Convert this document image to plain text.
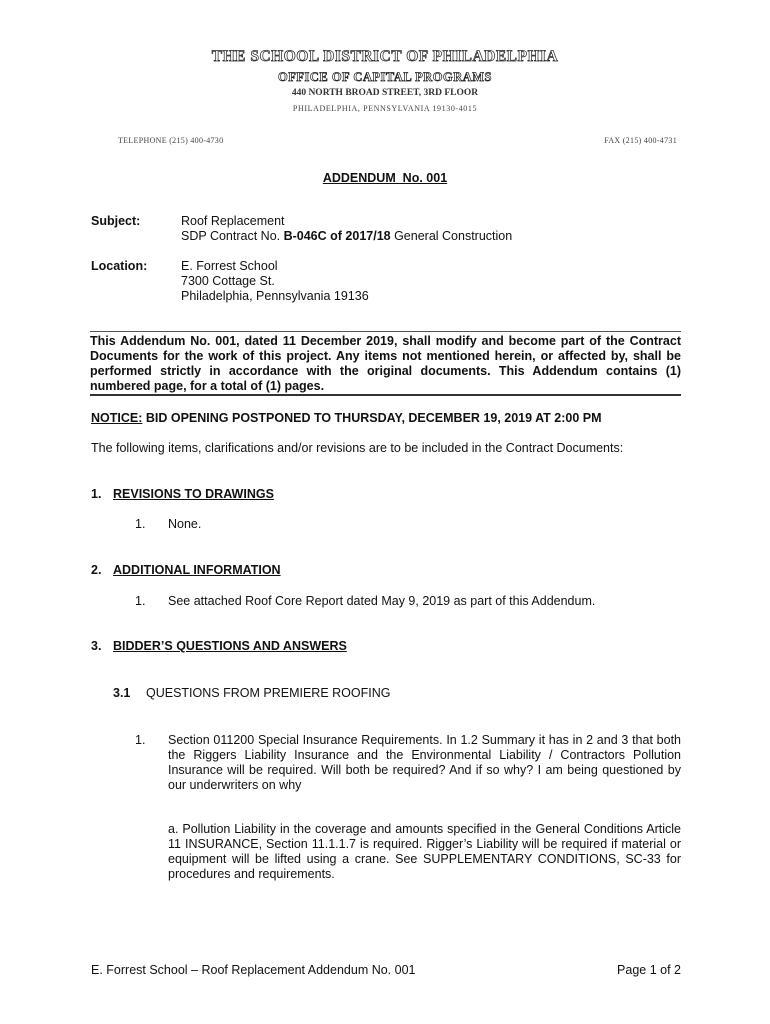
THE SCHOOL DISTRICT OF PHILADELPHIA
OFFICE OF CAPITAL PROGRAMS
440 NORTH BROAD STREET, 3RD FLOOR
PHILADELPHIA, PENNSYLVANIA 19130-4015
TELEPHONE (215) 400-4730	FAX (215) 400-4731
ADDENDUM  No. 001
Subject:	Roof Replacement
SDP Contract No. B-046C of 2017/18 General Construction
Location:	E. Forrest School
7300 Cottage St.
Philadelphia, Pennsylvania 19136
This Addendum No. 001, dated 11 December 2019, shall modify and become part of the Contract Documents for the work of this project. Any items not mentioned herein, or affected by, shall be performed strictly in accordance with the original documents. This Addendum contains (1) numbered page, for a total of (1) pages.
NOTICE: BID OPENING POSTPONED TO THURSDAY, DECEMBER 19, 2019 AT 2:00 PM
The following items, clarifications and/or revisions are to be included in the Contract Documents:
1. REVISIONS TO DRAWINGS
1. None.
2. ADDITIONAL INFORMATION
1. See attached Roof Core Report dated May 9, 2019 as part of this Addendum.
3. BIDDER’S QUESTIONS AND ANSWERS
3.1 QUESTIONS FROM PREMIERE ROOFING
1. Section 011200 Special Insurance Requirements. In 1.2 Summary it has in 2 and 3 that both the Riggers Liability Insurance and the Environmental Liability / Contractors Pollution Insurance will be required. Will both be required? And if so why? I am being questioned by our underwriters on why
a. Pollution Liability in the coverage and amounts specified in the General Conditions Article 11 INSURANCE, Section 11.1.1.7 is required. Rigger’s Liability will be required if material or equipment will be lifted using a crane. See SUPPLEMENTARY CONDITIONS, SC-33 for procedures and requirements.
E. Forrest School – Roof Replacement Addendum No. 001	Page 1 of 2
